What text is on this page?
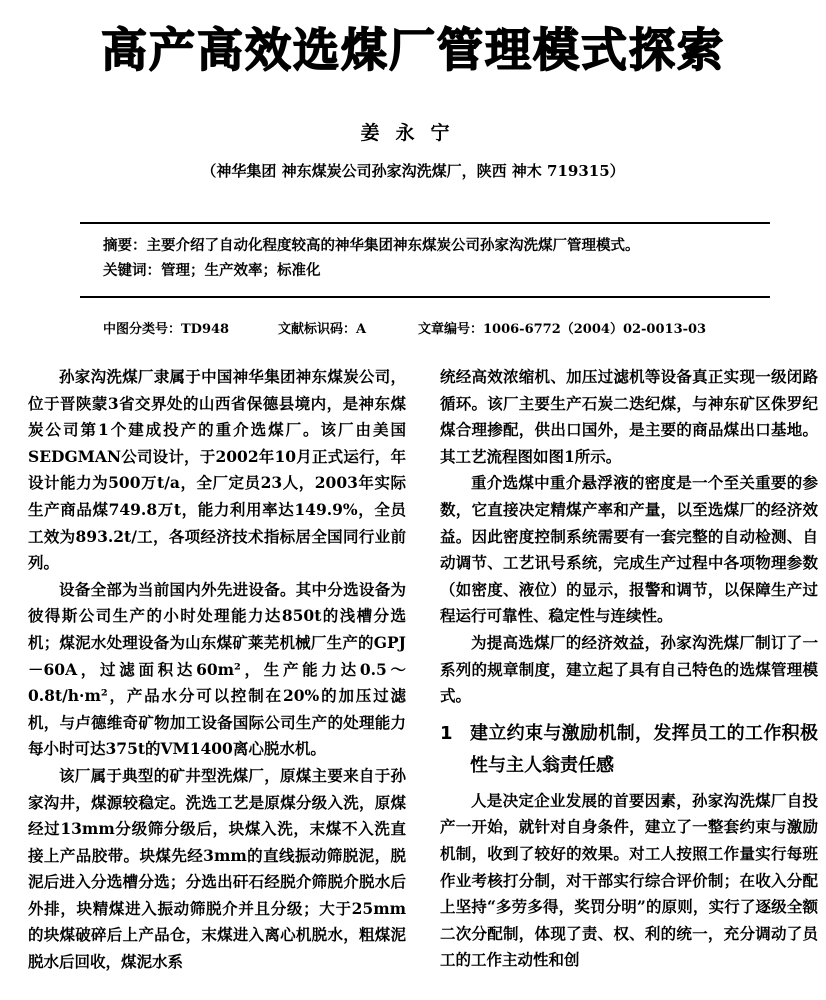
高产高效选煤厂管理模式探索
姜永宁
（神华集团 神东煤炭公司孙家沟洗煤厂，陕西 神木 719315）
摘要：主要介绍了自动化程度较高的神华集团神东煤炭公司孙家沟洗煤厂管理模式。
关键词：管理；生产效率；标准化
中图分类号：TD948	文献标识码：A	文章编号：1006-6772（2004）02-0013-03

孙家沟洗煤厂隶属于中国神华集团神东煤炭公司，位于晋陕蒙3省交界处的山西省保德县境内，是神东煤炭公司第1个建成投产的重介选煤厂。该厂由美国SEDGMAN公司设计，于2002年10月正式运行，年设计能力为500万t/a，全厂定员23人，2003年实际生产商品煤749.8万t，能力利用率达149.9%，全员工效为893.2t/工，各项经济技术指标居全国同行业前列。

设备全部为当前国内外先进设备。其中分选设备为彼得斯公司生产的小时处理能力达850t的浅槽分选机；煤泥水处理设备为山东煤矿莱芜机械厂生产的GPJ－60A，过滤面积达60m²，生产能力达0.5～0.8t/h·m²，产品水分可以控制在20%的加压过滤机，与卢德维奇矿物加工设备国际公司生产的处理能力每小时可达375t的VM1400离心脱水机。

该厂属于典型的矿井型洗煤厂，原煤主要来自于孙家沟井，煤源较稳定。洗选工艺是原煤分级入洗，原煤经过13mm分级筛分级后，块煤入洗，末煤不入洗直接上产品胶带。块煤先经3mm的直线振动筛脱泥，脱泥后进入分选槽分选；分选出矸石经脱介筛脱介脱水后外排，块精煤进入振动筛脱介并且分级；大于25mm的块煤破碎后上产品仓，末煤进入离心机脱水，粗煤泥脱水后回收，煤泥水系

统经高效浓缩机、加压过滤机等设备真正实现一级闭路循环。该厂主要生产石炭二迭纪煤，与神东矿区侏罗纪煤合理掺配，供出口国外，是主要的商品煤出口基地。其工艺流程图如图1所示。

重介选煤中重介悬浮液的密度是一个至关重要的参数，它直接决定精煤产率和产量，以至选煤厂的经济效益。因此密度控制系统需要有一套完整的自动检测、自动调节、工艺讯号系统，完成生产过程中各项物理参数（如密度、液位）的显示，报警和调节，以保障生产过程运行可靠性、稳定性与连续性。

为提高选煤厂的经济效益，孙家沟洗煤厂制订了一系列的规章制度，建立起了具有自己特色的选煤管理模式。

1 建立约束与激励机制，发挥员工的工作积极性与主人翁责任感

人是决定企业发展的首要因素，孙家沟洗煤厂自投产一开始，就针对自身条件，建立了一整套约束与激励机制，收到了较好的效果。对工人按照工作量实行每班作业考核打分制，对干部实行综合评价制；在收入分配上坚持“多劳多得，奖罚分明”的原则，实行了逐级全额二次分配制，体现了责、权、利的统一，充分调动了员工的工作主动性和创
